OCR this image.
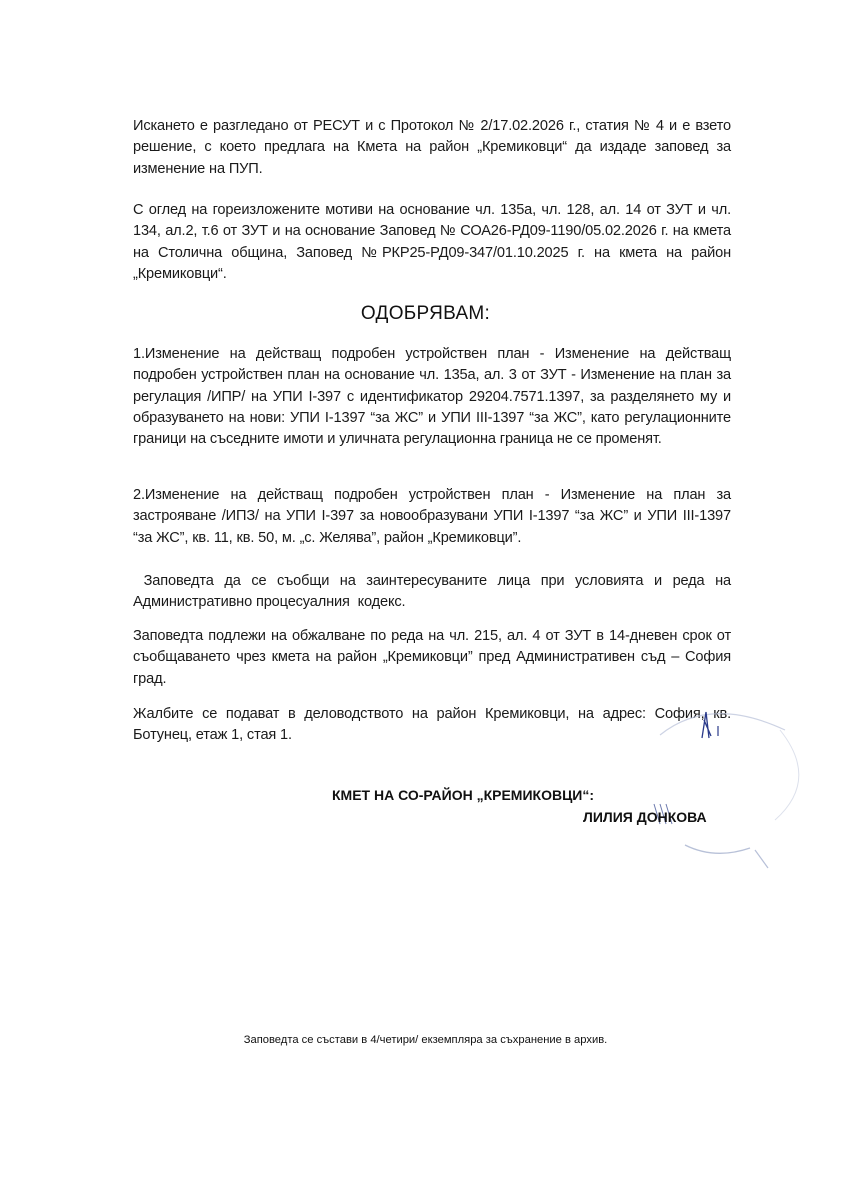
Искането е разгледано от РЕСУТ и с Протокол № 2/17.02.2026 г., статия № 4 и е взето решение, с което предлага на Кмета на район „Кремиковци“ да издаде заповед за изменение на ПУП.
С оглед на гореизложените мотиви на основание чл. 135а, чл. 128, ал. 14 от ЗУТ и чл. 134, ал.2, т.6 от ЗУТ и на основание Заповед № СОА26-РД09-1190/05.02.2026 г. на кмета на Столична община, Заповед №РКР25-РД09-347/01.10.2025 г. на кмета на район „Кремиковци“.
ОДОБРЯВАМ:
1.Изменение на действащ подробен устройствен план - Изменение на действащ подробен устройствен план на основание чл. 135а, ал. 3 от ЗУТ - Изменение на план за регулация /ИПР/ на УПИ I-397 с идентификатор 29204.7571.1397, за разделянето му и образуването на нови: УПИ I-1397 “за ЖС” и УПИ III-1397 “за ЖС”, като регулационните граници на съседните имоти и уличната регулационна граница не се променят.
2.Изменение на действащ подробен устройствен план - Изменение на план за застрояване /ИПЗ/ на УПИ I-397 за новообразувани УПИ I-1397 “за ЖС” и УПИ III-1397 “за ЖС”, кв. 11, кв. 50, м. „с. Желява”, район „Кремиковци”.
Заповедта да се съобщи на заинтересуваните лица при условията и реда на Административно процесуалния  кодекс.
Заповедта подлежи на обжалване по реда на чл. 215, ал. 4 от ЗУТ в 14-дневен срок от съобщаването чрез кмета на район „Кремиковци” пред Административен съд – София град.
Жалбите се подават в деловодството на район Кремиковци, на адрес: София, кв. Ботунец, етаж 1, стая 1.
КМЕТ НА СО-РАЙОН „КРЕМИКОВЦИ“:
ЛИЛИЯ ДОНКОВА
Заповедта се състави в 4/четири/ екземпляра за съхранение в архив.
